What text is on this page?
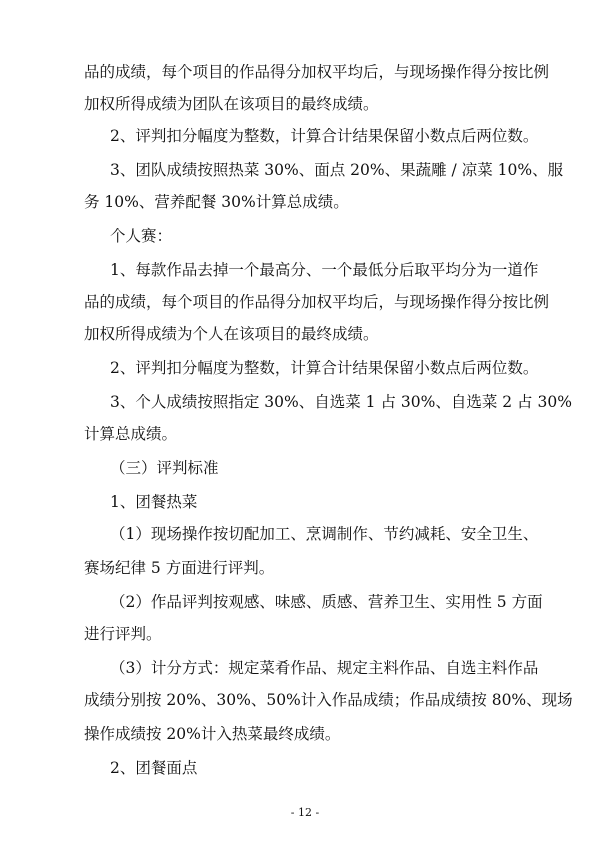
品的成绩，每个项目的作品得分加权平均后，与现场操作得分按比例
加权所得成绩为团队在该项目的最终成绩。
2、评判扣分幅度为整数，计算合计结果保留小数点后两位数。
3、团队成绩按照热菜 30%、面点 20%、果蔬雕 / 凉菜 10%、服
务 10%、营养配餐 30%计算总成绩。
个人赛：
1、每款作品去掉一个最高分、一个最低分后取平均分为一道作
品的成绩，每个项目的作品得分加权平均后，与现场操作得分按比例
加权所得成绩为个人在该项目的最终成绩。
2、评判扣分幅度为整数，计算合计结果保留小数点后两位数。
3、个人成绩按照指定 30%、自选菜 1 占 30%、自选菜 2 占 30%
计算总成绩。
（三）评判标准
1、团餐热菜
（1）现场操作按切配加工、烹调制作、节约减耗、安全卫生、
赛场纪律 5 方面进行评判。
（2）作品评判按观感、味感、质感、营养卫生、实用性 5 方面
进行评判。
（3）计分方式：规定菜肴作品、规定主料作品、自选主料作品
成绩分别按 20%、30%、50%计入作品成绩；作品成绩按 80%、现场
操作成绩按 20%计入热菜最终成绩。
2、团餐面点
- 12 -
